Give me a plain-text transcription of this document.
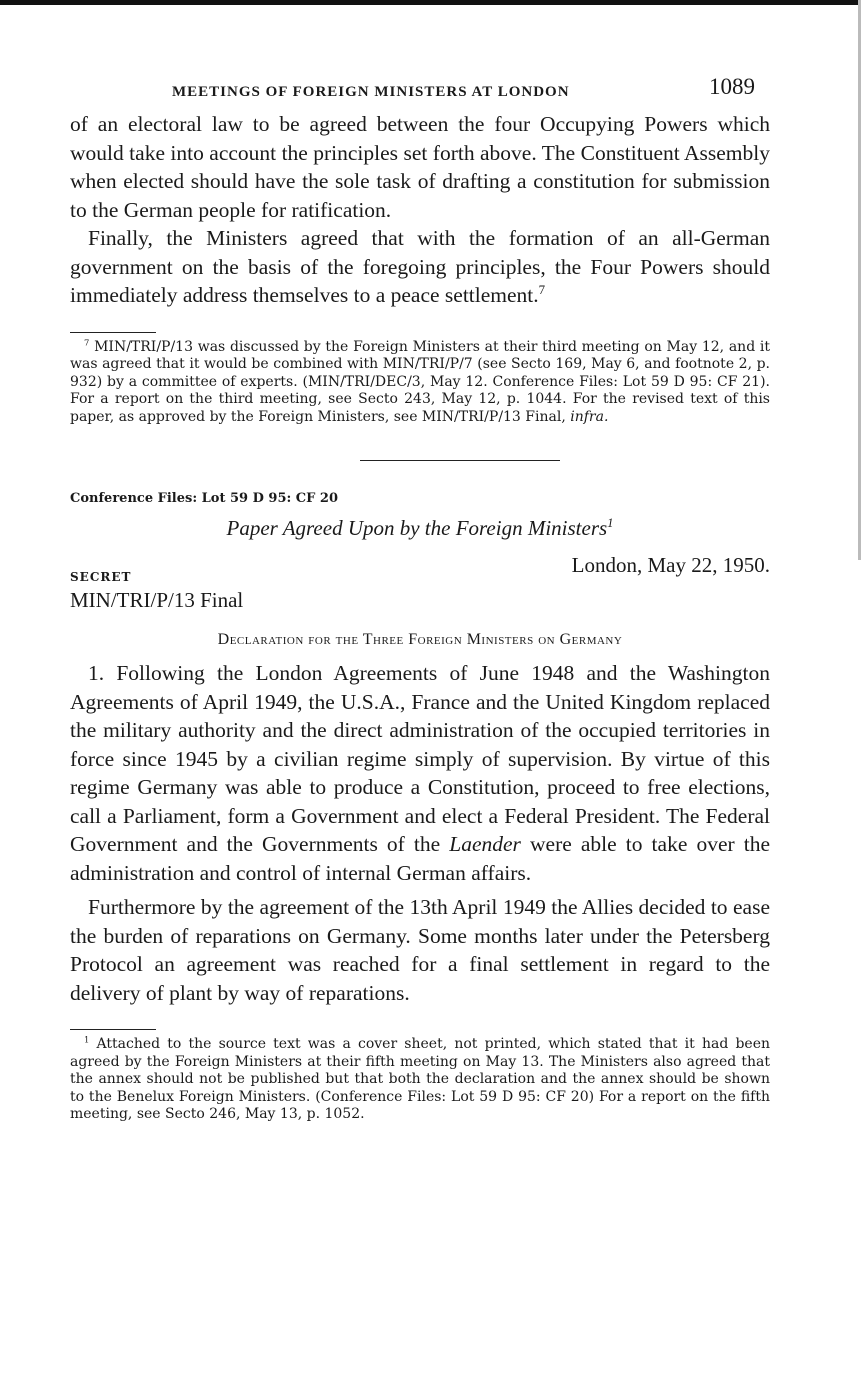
MEETINGS OF FOREIGN MINISTERS AT LONDON	1089

of an electoral law to be agreed between the four Occupying Powers which would take into account the principles set forth above. The Constituent Assembly when elected should have the sole task of drafting a constitution for submission to the German people for ratification.

Finally, the Ministers agreed that with the formation of an all-German government on the basis of the foregoing principles, the Four Powers should immediately address themselves to a peace settlement.$^7$

$^7$ MIN/TRI/P/13 was discussed by the Foreign Ministers at their third meeting on May 12, and it was agreed that it would be combined with MIN/TRI/P/7 (see Secto 169, May 6, and footnote 2, p. 932) by a committee of experts. (MIN/TRI/DEC/3, May 12. Conference Files: Lot 59 D 95: CF 21). For a report on the third meeting, see Secto 243, May 12, p. 1044. For the revised text of this paper, as approved by the Foreign Ministers, see MIN/TRI/P/13 Final, infra.

Conference Files: Lot 59 D 95: CF 20
Paper Agreed Upon by the Foreign Ministers$^1$
London, May 22, 1950.
SECRET
MIN/TRI/P/13 Final
Declaration for the Three Foreign Ministers on Germany

1. Following the London Agreements of June 1948 and the Washington Agreements of April 1949, the U.S.A., France and the United Kingdom replaced the military authority and the direct administration of the occupied territories in force since 1945 by a civilian regime simply of supervision. By virtue of this regime Germany was able to produce a Constitution, proceed to free elections, call a Parliament, form a Government and elect a Federal President. The Federal Government and the Governments of the Laender were able to take over the administration and control of internal German affairs.

Furthermore by the agreement of the 13th April 1949 the Allies decided to ease the burden of reparations on Germany. Some months later under the Petersberg Protocol an agreement was reached for a final settlement in regard to the delivery of plant by way of reparations.

$^1$ Attached to the source text was a cover sheet, not printed, which stated that it had been agreed by the Foreign Ministers at their fifth meeting on May 13. The Ministers also agreed that the annex should not be published but that both the declaration and the annex should be shown to the Benelux Foreign Ministers. (Conference Files: Lot 59 D 95: CF 20) For a report on the fifth meeting, see Secto 246, May 13, p. 1052.
